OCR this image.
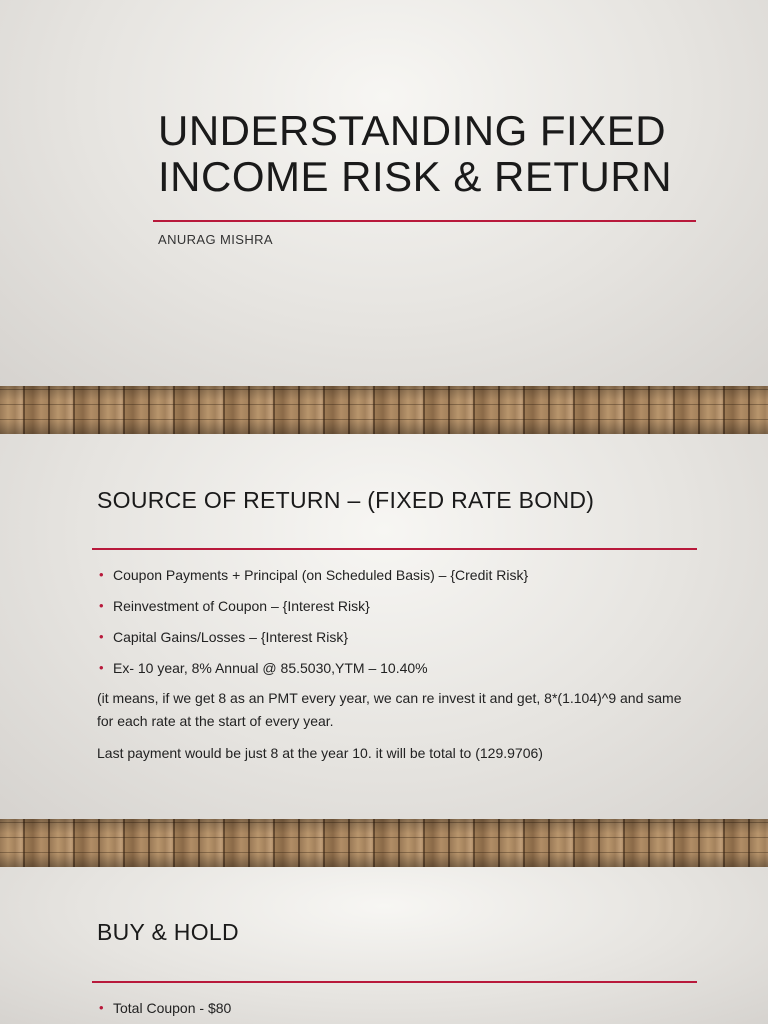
UNDERSTANDING FIXED INCOME RISK & RETURN
ANURAG MISHRA
SOURCE OF RETURN – (FIXED RATE BOND)
• Coupon Payments + Principal (on Scheduled Basis) – {Credit Risk}
• Reinvestment of Coupon – {Interest Risk}
• Capital Gains/Losses – {Interest Risk}
• Ex- 10 year, 8% Annual @ 85.5030,YTM – 10.40%
(it means, if we get 8 as an PMT every year, we can re invest it and get, 8*(1.104)^9 and same for each rate at the start of every year.
Last payment would be just 8 at the year 10. it will be total to (129.9706)
BUY & HOLD
• Total Coupon - $80
